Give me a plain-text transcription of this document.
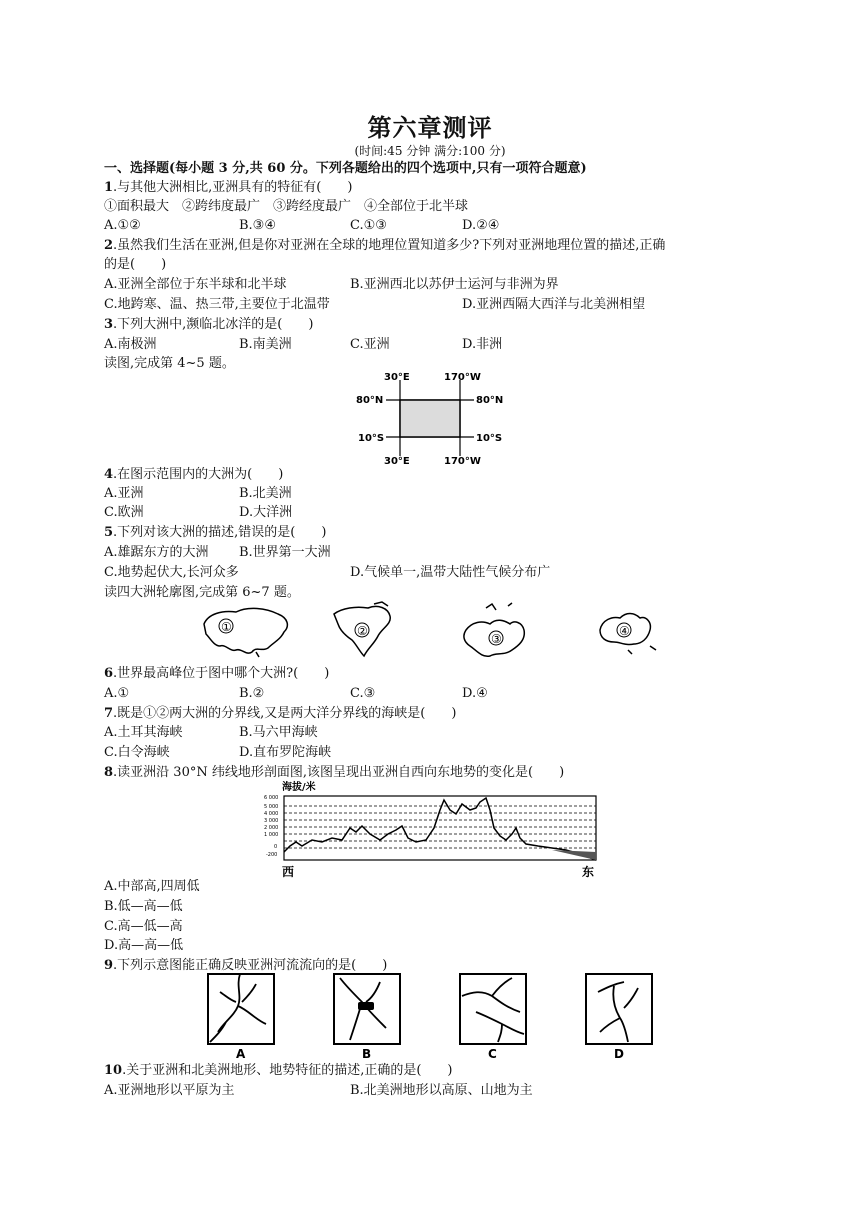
第六章测评
(时间:45 分钟 满分:100 分)
一、选择题(每小题 3 分,共 60 分。下列各题给出的四个选项中,只有一项符合题意)
1.与其他大洲相比,亚洲具有的特征有(　　)
①面积最大　②跨纬度最广　③跨经度最广　④全部位于北半球
A.①②	B.③④	C.①③	D.②④
2.虽然我们生活在亚洲,但是你对亚洲在全球的地理位置知道多少?下列对亚洲地理位置的描述,正确
的是(　　)
A.亚洲全部位于东半球和北半球	B.亚洲西北以苏伊士运河与非洲为界
C.地跨寒、温、热三带,主要位于北温带	D.亚洲西隔大西洋与北美洲相望
3.下列大洲中,濒临北冰洋的是(　　)
A.南极洲	B.南美洲	C.亚洲	D.非洲
读图,完成第 4~5 题。
30°E	170°W
80°N	80°N
10°S	10°S
30°E	170°W
4.在图示范围内的大洲为(　　)
A.亚洲	B.北美洲
C.欧洲	D.大洋洲
5.下列对该大洲的描述,错误的是(　　)
A.雄踞东方的大洲 B.世界第一大洲
C.地势起伏大,长河众多	D.气候单一,温带大陆性气候分布广
读四大洲轮廓图,完成第 6~7 题。
①	②
③
④
6.世界最高峰位于图中哪个大洲?(　　)
A.①	B.②	C.③	D.④
7.既是①②两大洲的分界线,又是两大洋分界线的海峡是(　　)
A.土耳其海峡	B.马六甲海峡
C.白令海峡	D.直布罗陀海峡
8.读亚洲沿 30°N 纬线地形剖面图,该图呈现出亚洲自西向东地势的变化是(　　)
海拔/米
6 000
5 000
4 000
3 000
2 000
1 000
0
-200
西	东
A.中部高,四周低
B.低—高—低
C.高—低—高
D.高—高—低
9.下列示意图能正确反映亚洲河流流向的是(　　)
A	B	C	D
10.关于亚洲和北美洲地形、地势特征的描述,正确的是(　　)
A.亚洲地形以平原为主	B.北美洲地形以高原、山地为主
